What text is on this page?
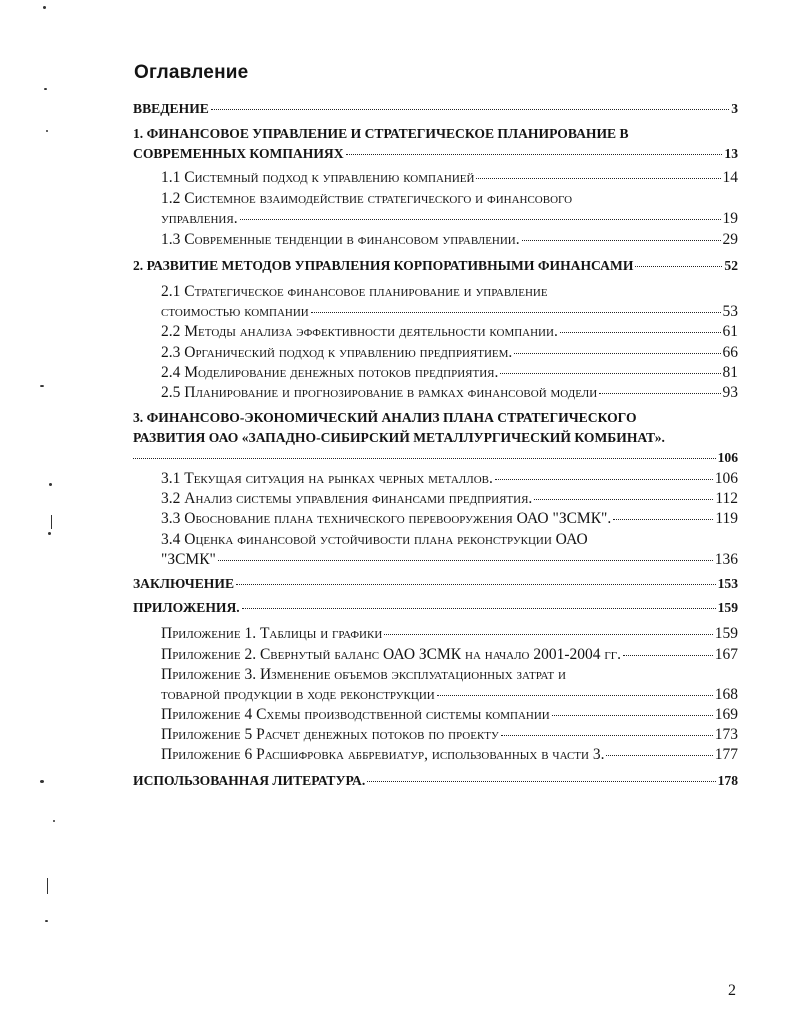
Оглавление
ВВЕДЕНИЕ	3
1. ФИНАНСОВОЕ УПРАВЛЕНИЕ И СТРАТЕГИЧЕСКОЕ ПЛАНИРОВАНИЕ В
СОВРЕМЕННЫХ КОМПАНИЯХ	13
1.1 Системный подход к управлению компанией	14
1.2 Системное взаимодействие стратегического и финансового
управления.	19
1.3 Современные тенденции в финансовом управлении.	29
2. РАЗВИТИЕ МЕТОДОВ УПРАВЛЕНИЯ КОРПОРАТИВНЫМИ ФИНАНСАМИ	52
2.1 Стратегическое финансовое планирование и управление
стоимостью компании	53
2.2 Методы анализа эффективности деятельности компании.	61
2.3 Органический подход к управлению предприятием.	66
2.4 Моделирование денежных потоков предприятия.	81
2.5 Планирование и прогнозирование в рамках финансовой модели	93
3. ФИНАНСОВО-ЭКОНОМИЧЕСКИЙ АНАЛИЗ ПЛАНА СТРАТЕГИЧЕСКОГО
РАЗВИТИЯ ОАО «ЗАПАДНО-СИБИРСКИЙ МЕТАЛЛУРГИЧЕСКИЙ КОМБИНАТ».
106
3.1 Текущая ситуация на рынках черных металлов.	106
3.2 Анализ системы управления финансами предприятия.	112
3.3 Обоснование плана технического перевооружения ОАО "ЗСМК".	119
3.4 Оценка финансовой устойчивости плана реконструкции ОАО
"ЗСМК"	136
ЗАКЛЮЧЕНИЕ	153
ПРИЛОЖЕНИЯ.	159
Приложение 1. Таблицы и графики	159
Приложение 2. Свернутый баланс ОАО ЗСМК на начало 2001-2004 гг.	167
Приложение 3. Изменение объемов эксплуатационных затрат и
товарной продукции в ходе реконструкции	168
Приложение 4 Схемы производственной системы компании	169
Приложение 5 Расчет денежных потоков по проекту	173
Приложение 6 Расшифровка аббревиатур, использованных в части 3.	177
ИСПОЛЬЗОВАННАЯ ЛИТЕРАТУРА.	178
2
